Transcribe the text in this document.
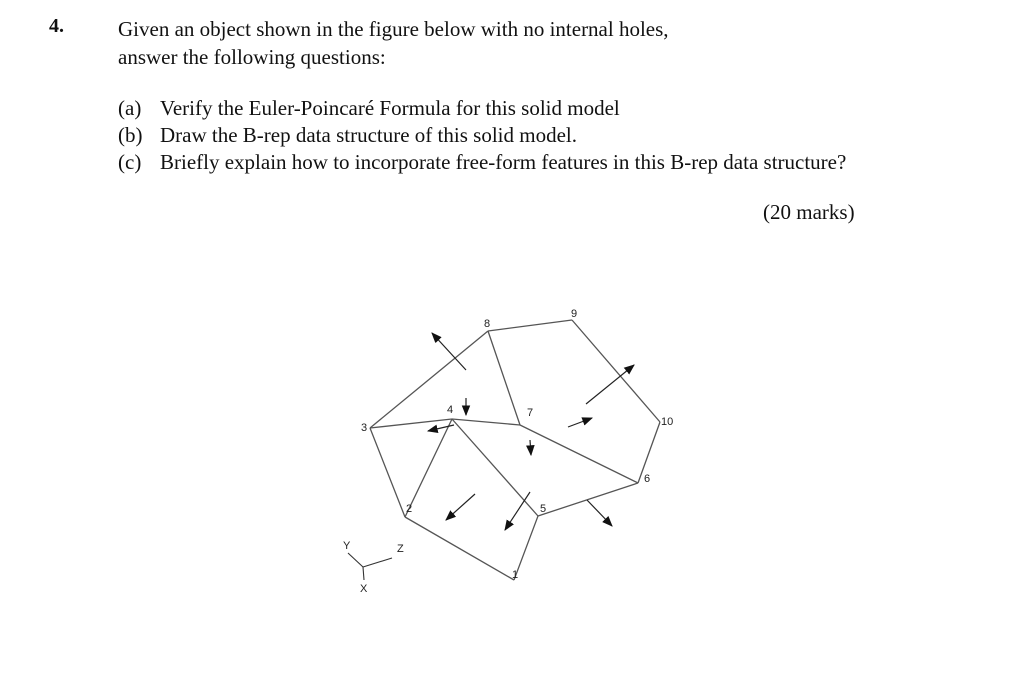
4.	Given an object shown in the figure below with no internal holes,
answer the following questions:
(a) Verify the Euler-Poincaré Formula for this solid model
(b) Draw the B-rep data structure of this solid model.
(c) Briefly explain how to incorporate free-form features in this B-rep data structure?
(20 marks)
1
2
3
4
5
6
7
8
9
10
Y	Z
X
